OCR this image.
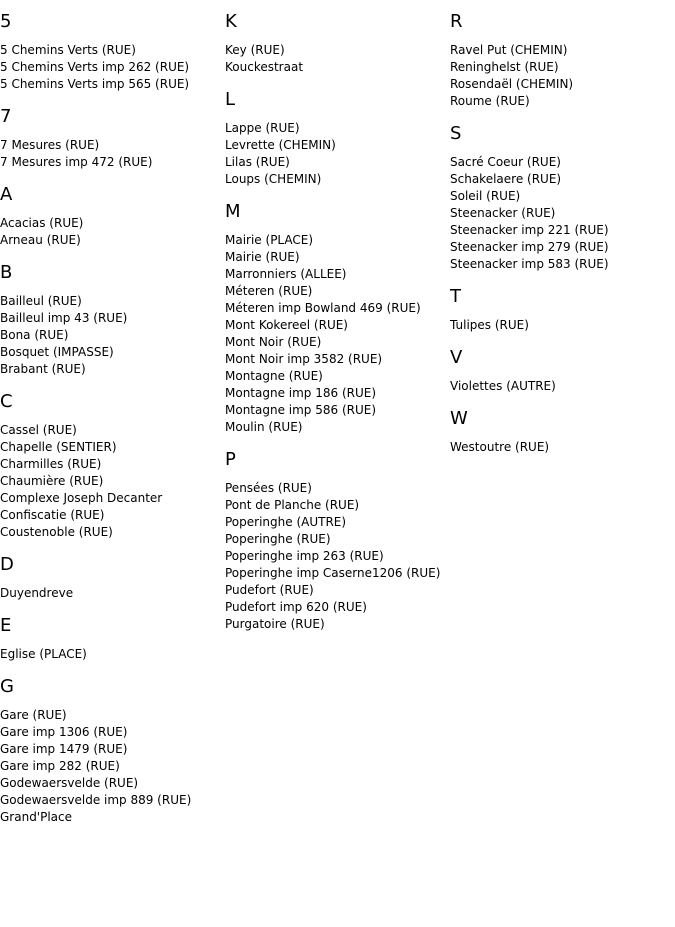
5
5 Chemins Verts (RUE)
5 Chemins Verts imp 262 (RUE)
5 Chemins Verts imp 565 (RUE)
7
7 Mesures (RUE)
7 Mesures imp 472 (RUE)
A
Acacias (RUE)
Arneau (RUE)
B
Bailleul (RUE)
Bailleul imp 43 (RUE)
Bona (RUE)
Bosquet (IMPASSE)
Brabant (RUE)
C
Cassel (RUE)
Chapelle (SENTIER)
Charmilles (RUE)
Chaumière (RUE)
Complexe Joseph Decanter
Confiscatie (RUE)
Coustenoble (RUE)
D
Duyendreve
E
Eglise (PLACE)
G
Gare (RUE)
Gare imp 1306 (RUE)
Gare imp 1479 (RUE)
Gare imp 282 (RUE)
Godewaersvelde (RUE)
Godewaersvelde imp 889 (RUE)
Grand'Place
K
Key (RUE)
Kouckestraat
L
Lappe (RUE)
Levrette (CHEMIN)
Lilas (RUE)
Loups (CHEMIN)
M
Mairie (PLACE)
Mairie (RUE)
Marronniers (ALLEE)
Méteren (RUE)
Méteren imp Bowland 469 (RUE)
Mont Kokereel (RUE)
Mont Noir (RUE)
Mont Noir imp 3582 (RUE)
Montagne (RUE)
Montagne imp 186 (RUE)
Montagne imp 586 (RUE)
Moulin (RUE)
P
Pensées (RUE)
Pont de Planche (RUE)
Poperinghe (AUTRE)
Poperinghe (RUE)
Poperinghe imp 263 (RUE)
Poperinghe imp Caserne1206 (RUE)
Pudefort (RUE)
Pudefort imp 620 (RUE)
Purgatoire (RUE)
R
Ravel Put (CHEMIN)
Reninghelst (RUE)
Rosendaël (CHEMIN)
Roume (RUE)
S
Sacré Coeur (RUE)
Schakelaere (RUE)
Soleil (RUE)
Steenacker (RUE)
Steenacker imp 221 (RUE)
Steenacker imp 279 (RUE)
Steenacker imp 583 (RUE)
T
Tulipes (RUE)
V
Violettes (AUTRE)
W
Westoutre (RUE)
